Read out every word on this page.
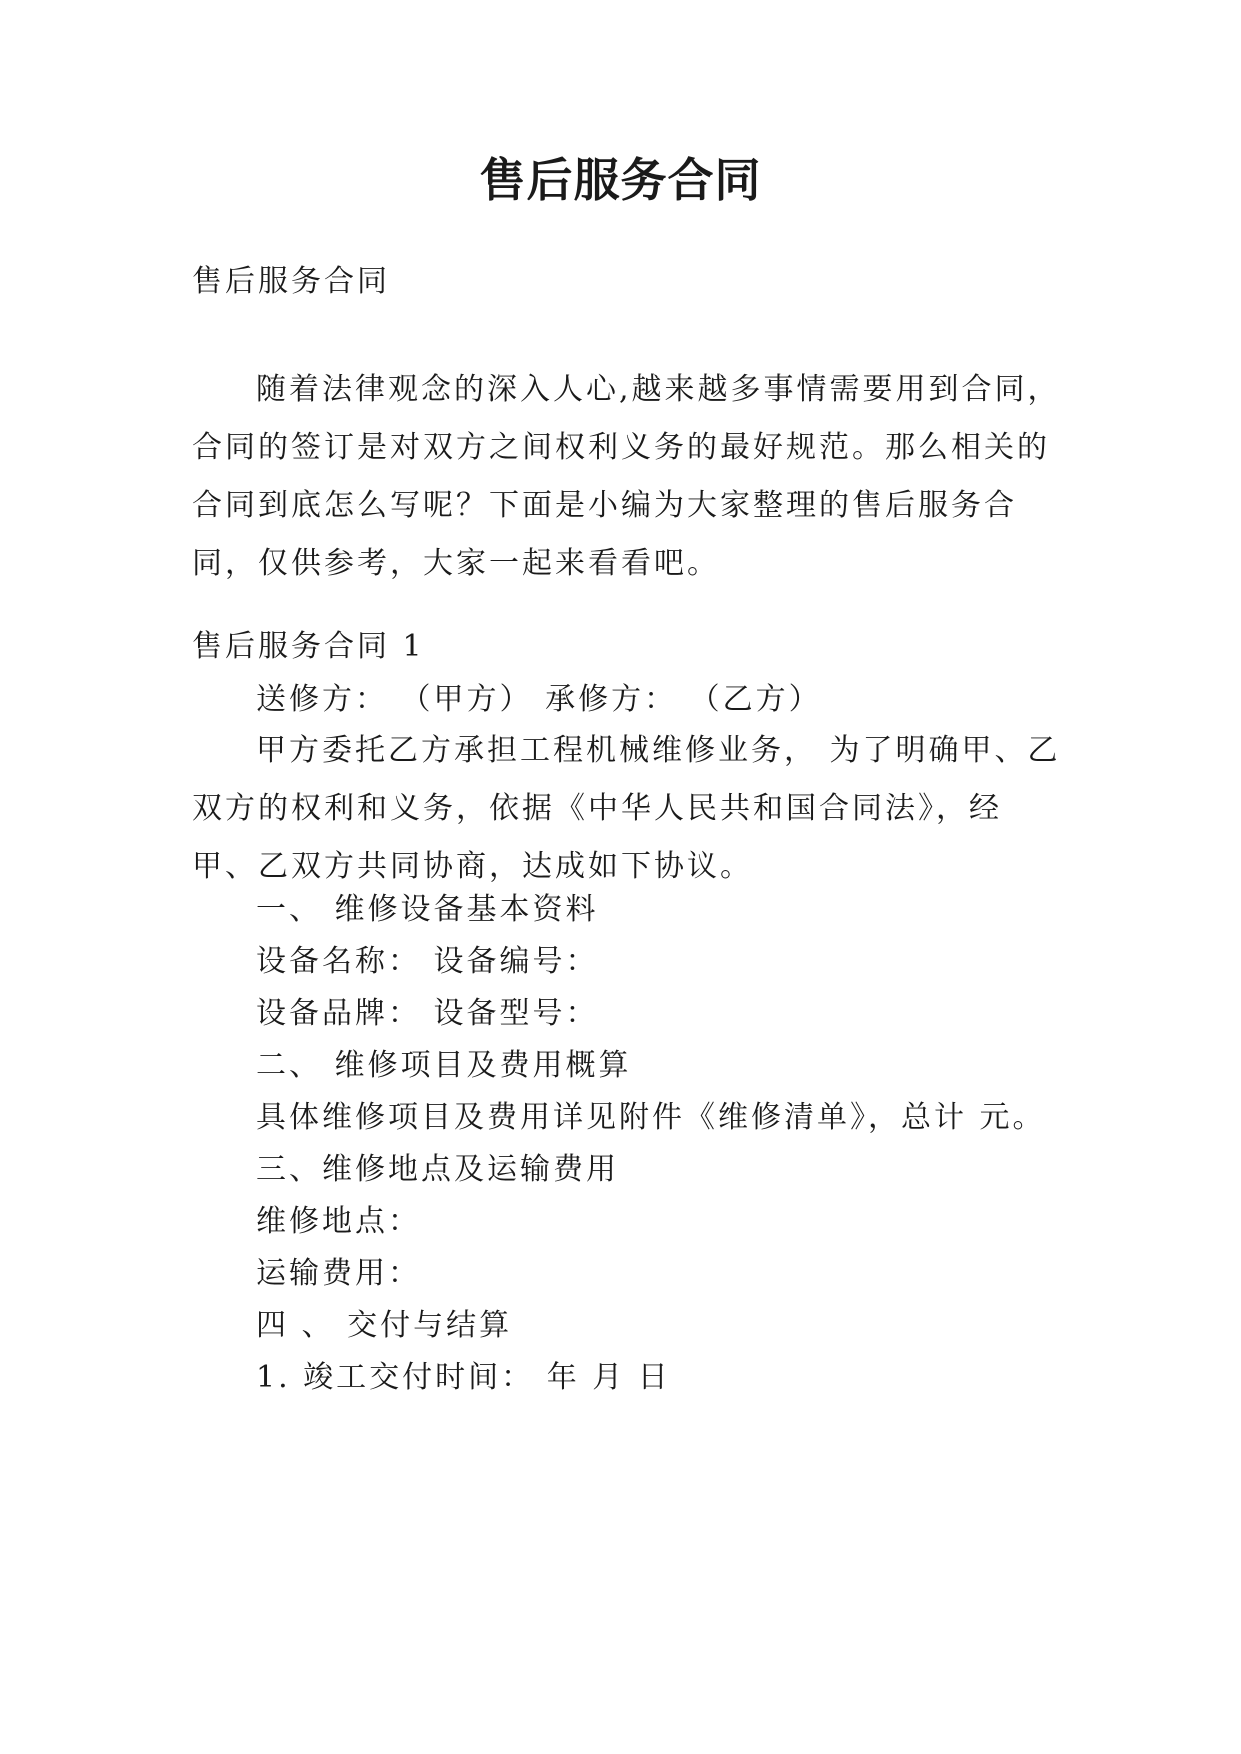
售后服务合同
售后服务合同
随着法律观念的深入人心,越来越多事情需要用到合同，合同的签订是对双方之间权利义务的最好规范。那么相关的合同到底怎么写呢？下面是小编为大家整理的售后服务合同，仅供参考，大家一起来看看吧。
售后服务合同 1
送修方： （甲方） 承修方： （乙方）
甲方委托乙方承担工程机械维修业务， 为了明确甲、乙双方的权利和义务，依据《中华人民共和国合同法》，经甲、乙双方共同协商，达成如下协议。
一、 维修设备基本资料
设备名称： 设备编号：
设备品牌： 设备型号：
二、 维修项目及费用概算
具体维修项目及费用详见附件《维修清单》，总计 元。
三、维修地点及运输费用
维修地点：
运输费用：
四 、 交付与结算
1. 竣工交付时间： 年 月 日
